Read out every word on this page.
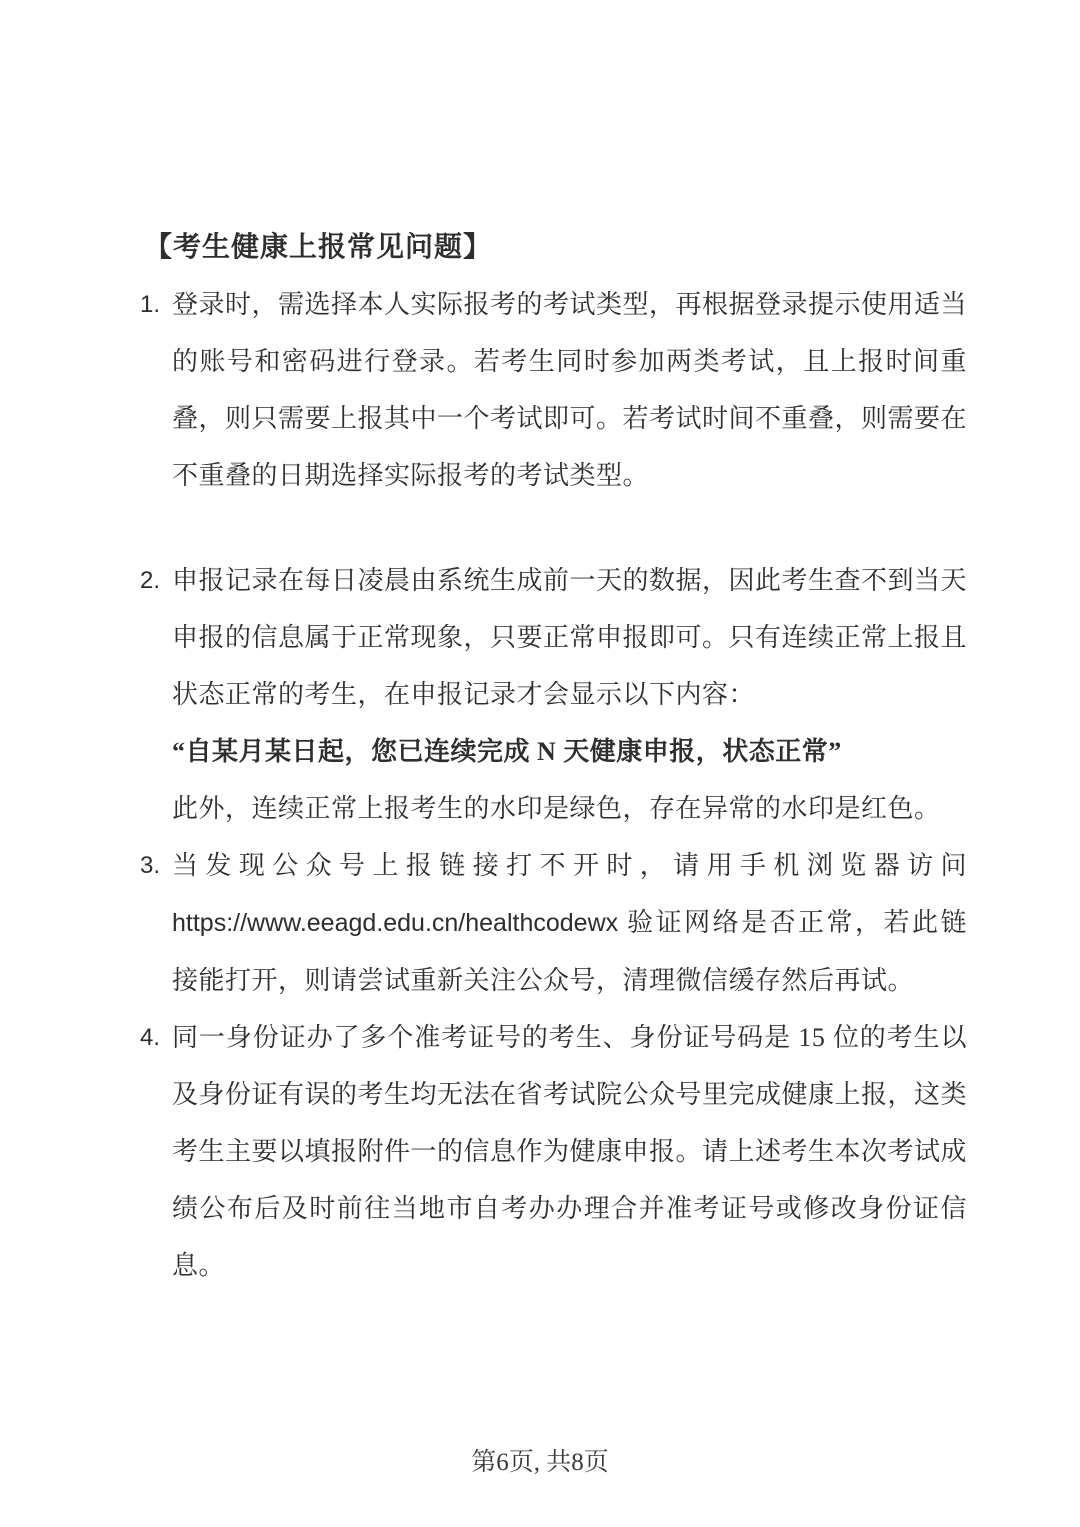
【考生健康上报常见问题】
1. 登录时，需选择本人实际报考的考试类型，再根据登录提示使用适当的账号和密码进行登录。若考生同时参加两类考试，且上报时间重叠，则只需要上报其中一个考试即可。若考试时间不重叠，则需要在不重叠的日期选择实际报考的考试类型。

2. 申报记录在每日凌晨由系统生成前一天的数据，因此考生查不到当天申报的信息属于正常现象，只要正常申报即可。只有连续正常上报且状态正常的考生，在申报记录才会显示以下内容：

“自某月某日起，您已连续完成 N 天健康申报，状态正常”

此外，连续正常上报考生的水印是绿色，存在异常的水印是红色。

3. 当发现公众号上报链接打不开时，请用手机浏览器访问 https://www.eeagd.edu.cn/healthcodewx 验证网络是否正常，若此链接能打开，则请尝试重新关注公众号，清理微信缓存然后再试。

4. 同一身份证办了多个准考证号的考生、身份证号码是 15 位的考生以及身份证有误的考生均无法在省考试院公众号里完成健康上报，这类考生主要以填报附件一的信息作为健康申报。请上述考生本次考试成绩公布后及时前往当地市自考办办理合并准考证号或修改身份证信息。

第6页, 共8页
